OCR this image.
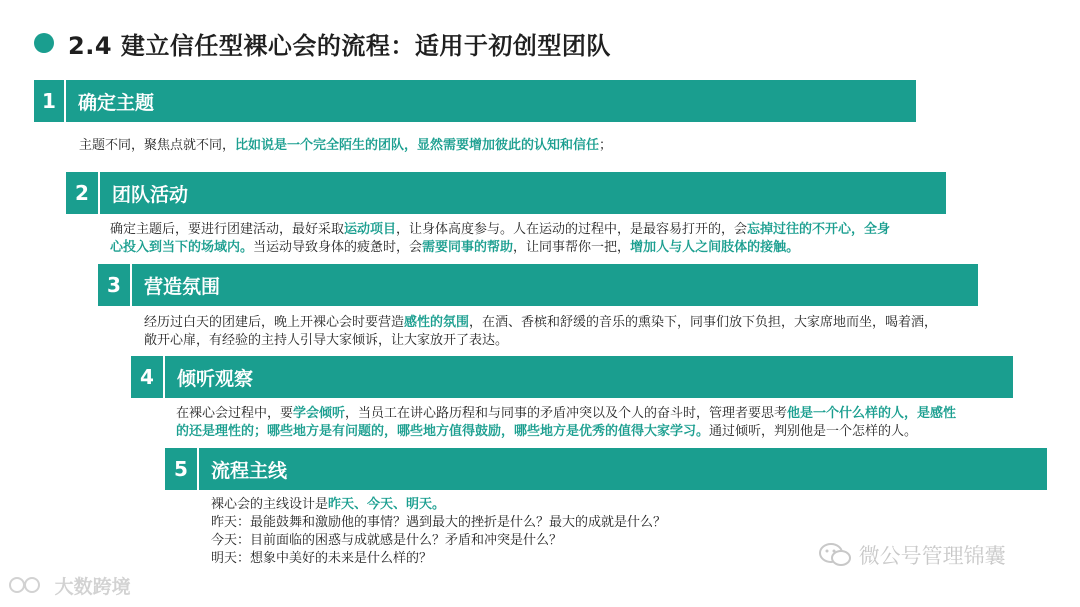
2.4 建立信任型裸心会的流程：适用于初创型团队
1	确定主题
主题不同，聚焦点就不同，比如说是一个完全陌生的团队，显然需要增加彼此的认知和信任；
2	团队活动
确定主题后，要进行团建活动，最好采取运动项目，让身体高度参与。人在运动的过程中，是最容易打开的，会忘掉过往的不开心，全身
心投入到当下的场域内。当运动导致身体的疲惫时，会需要同事的帮助，让同事帮你一把，增加人与人之间肢体的接触。
3	营造氛围
经历过白天的团建后，晚上开裸心会时要营造感性的氛围，在酒、香槟和舒缓的音乐的熏染下，同事们放下负担，大家席地而坐，喝着酒，
敞开心扉，有经验的主持人引导大家倾诉，让大家放开了表达。
4	倾听观察
在裸心会过程中，要学会倾听，当员工在讲心路历程和与同事的矛盾冲突以及个人的奋斗时，管理者要思考他是一个什么样的人，是感性
的还是理性的；哪些地方是有问题的，哪些地方值得鼓励，哪些地方是优秀的值得大家学习。通过倾听，判别他是一个怎样的人。
5	流程主线
裸心会的主线设计是昨天、今天、明天。
昨天：最能鼓舞和激励他的事情？遇到最大的挫折是什么？最大的成就是什么？
今天：目前面临的困惑与成就感是什么？矛盾和冲突是什么？
明天：想象中美好的未来是什么样的？
大数跨境
微公号管理锦囊
